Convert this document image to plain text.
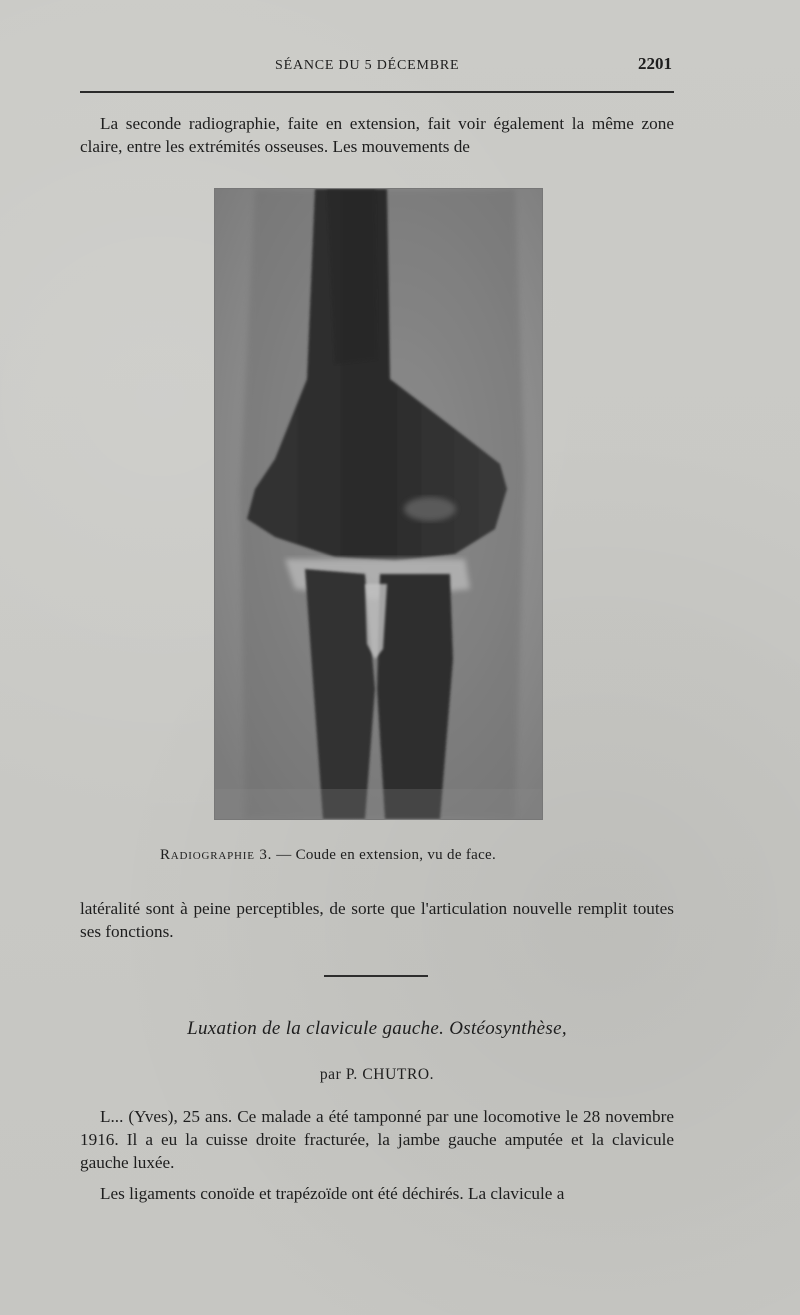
SÉANCE DU 5 DÉCEMBRE	2201
La seconde radiographie, faite en extension, fait voir également la même zone claire, entre les extrémités osseuses. Les mouvements de
Radiographie 3. — Coude en extension, vu de face.
latéralité sont à peine perceptibles, de sorte que l'articulation nouvelle remplit toutes ses fonctions.
Luxation de la clavicule gauche. Ostéosynthèse,
par P. CHUTRO.
L... (Yves), 25 ans. Ce malade a été tamponné par une locomotive le 28 novembre 1916. Il a eu la cuisse droite fracturée, la jambe gauche amputée et la clavicule gauche luxée.
Les ligaments conoïde et trapézoïde ont été déchirés. La clavicule a
